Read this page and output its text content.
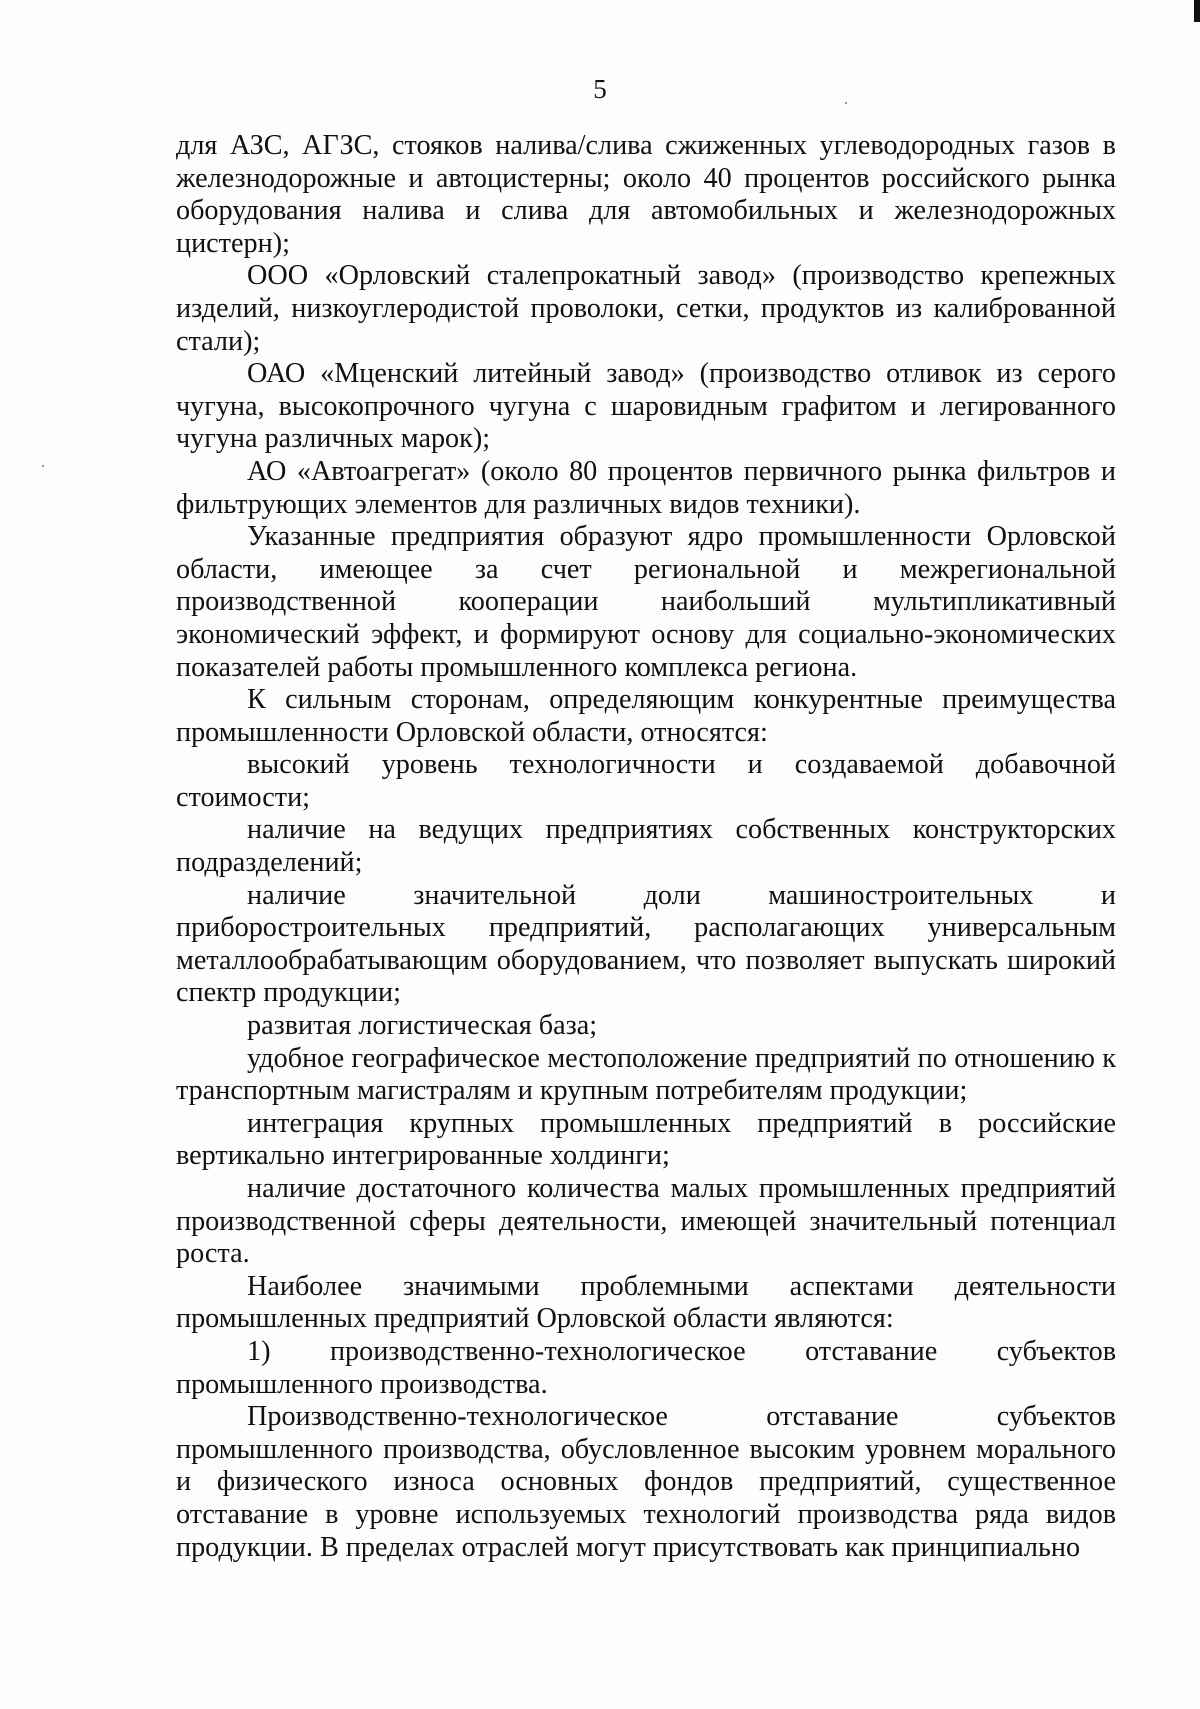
5

для АЗС, АГЗС, стояков налива/слива сжиженных углеводородных газов в железнодорожные и автоцистерны; около 40 процентов российского рынка оборудования налива и слива для автомобильных и железнодорожных цистерн);

ООО «Орловский сталепрокатный завод» (производство крепежных изделий, низкоуглеродистой проволоки, сетки, продуктов из калиброванной стали);

ОАО «Мценский литейный завод» (производство отливок из серого чугуна, высокопрочного чугуна с шаровидным графитом и легированного чугуна различных марок);

АО «Автоагрегат» (около 80 процентов первичного рынка фильтров и фильтрующих элементов для различных видов техники).

Указанные предприятия образуют ядро промышленности Орловской области, имеющее за счет региональной и межрегиональной производственной кооперации наибольший мультипликативный экономический эффект, и формируют основу для социально-экономических показателей работы промышленного комплекса региона.

К сильным сторонам, определяющим конкурентные преимущества промышленности Орловской области, относятся:

высокий уровень технологичности и создаваемой добавочной стоимости;

наличие на ведущих предприятиях собственных конструкторских подразделений;

наличие значительной доли машиностроительных и приборостроительных предприятий, располагающих универсальным металлообрабатывающим оборудованием, что позволяет выпускать широкий спектр продукции;

развитая логистическая база;

удобное географическое местоположение предприятий по отношению к транспортным магистралям и крупным потребителям продукции;

интеграция крупных промышленных предприятий в российские вертикально интегрированные холдинги;

наличие достаточного количества малых промышленных предприятий производственной сферы деятельности, имеющей значительный потенциал роста.

Наиболее значимыми проблемными аспектами деятельности промышленных предприятий Орловской области являются:

1) производственно-технологическое отставание субъектов промышленного производства.

Производственно-технологическое отставание субъектов промышленного производства, обусловленное высоким уровнем морального и физического износа основных фондов предприятий, существенное отставание в уровне используемых технологий производства ряда видов продукции. В пределах отраслей могут присутствовать как принципиально
